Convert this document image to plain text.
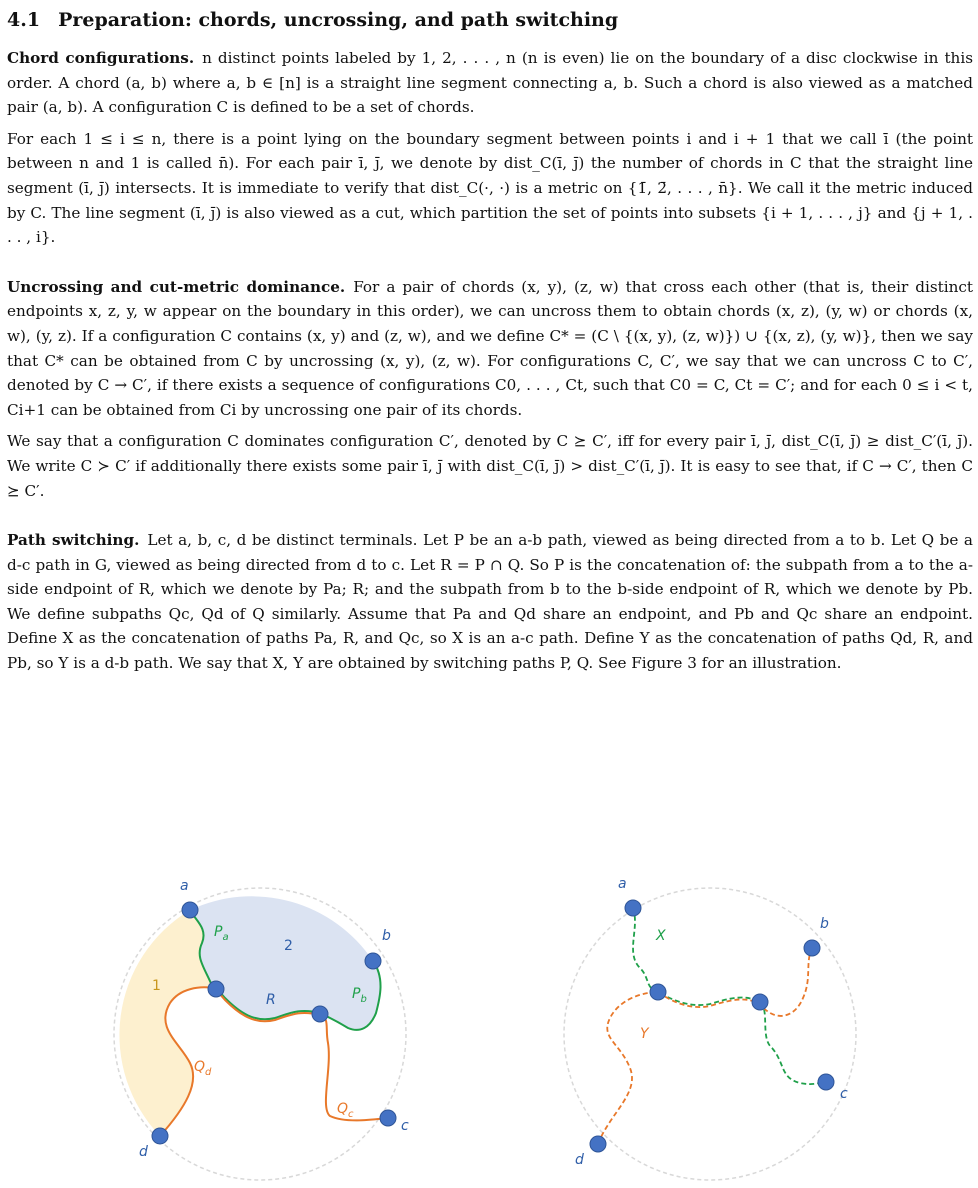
4.1 Preparation: chords, uncrossing, and path switching

Chord configurations. n distinct points labeled by 1, 2, . . . , n (n is even) lie on the boundary of a disc clockwise in this order. A chord (a, b) where a, b ∈ [n] is a straight line segment connecting a, b. Such a chord is also viewed as a matched pair (a, b). A configuration C is defined to be a set of chords.

For each 1 ≤ i ≤ n, there is a point lying on the boundary segment between points i and i + 1 that we call ī (the point between n and 1 is called n̄). For each pair ī, j̄, we denote by dist_C(ī, j̄) the number of chords in C that the straight line segment (ī, j̄) intersects. It is immediate to verify that dist_C(·, ·) is a metric on {1̄, 2̄, . . . , n̄}. We call it the metric induced by C. The line segment (ī, j̄) is also viewed as a cut, which partition the set of points into subsets {i + 1, . . . , j} and {j + 1, . . . , i}.

Uncrossing and cut-metric dominance. For a pair of chords (x, y), (z, w) that cross each other (that is, their distinct endpoints x, z, y, w appear on the boundary in this order), we can uncross them to obtain chords (x, z), (y, w) or chords (x, w), (y, z). If a configuration C contains (x, y) and (z, w), and we define C* = (C \ {(x, y), (z, w)}) ∪ {(x, z), (y, w)}, then we say that C* can be obtained from C by uncrossing (x, y), (z, w). For configurations C, C′, we say that we can uncross C to C′, denoted by C → C′, if there exists a sequence of configurations C0, . . . , Ct, such that C0 = C, Ct = C′; and for each 0 ≤ i < t, Ci+1 can be obtained from Ci by uncrossing one pair of its chords.

We say that a configuration C dominates configuration C′, denoted by C ⪰ C′, iff for every pair ī, j̄, dist_C(ī, j̄) ≥ dist_C′(ī, j̄). We write C ≻ C′ if additionally there exists some pair ī, j̄ with dist_C(ī, j̄) > dist_C′(ī, j̄). It is easy to see that, if C → C′, then C ⪰ C′.

Path switching. Let a, b, c, d be distinct terminals. Let P be an a-b path, viewed as being directed from a to b. Let Q be a d-c path in G, viewed as being directed from d to c. Let R = P ∩ Q. So P is the concatenation of: the subpath from a to the a-side endpoint of R, which we denote by Pa; R; and the subpath from b to the b-side endpoint of R, which we denote by Pb. We define subpaths Qc, Qd of Q similarly. Assume that Pa and Qd share an endpoint, and Pb and Qc share an endpoint. Define X as the concatenation of paths Pa, R, and Qc, so X is an a-c path. Define Y as the concatenation of paths Qd, R, and Pb, so Y is a d-b path. We say that X, Y are obtained by switching paths P, Q. See Figure 3 for an illustration.

a
b
c
d
1
2
$P_a$
$P_b$
$Q_d$
$Q_c$
R
a
b
c
d
X
Y
